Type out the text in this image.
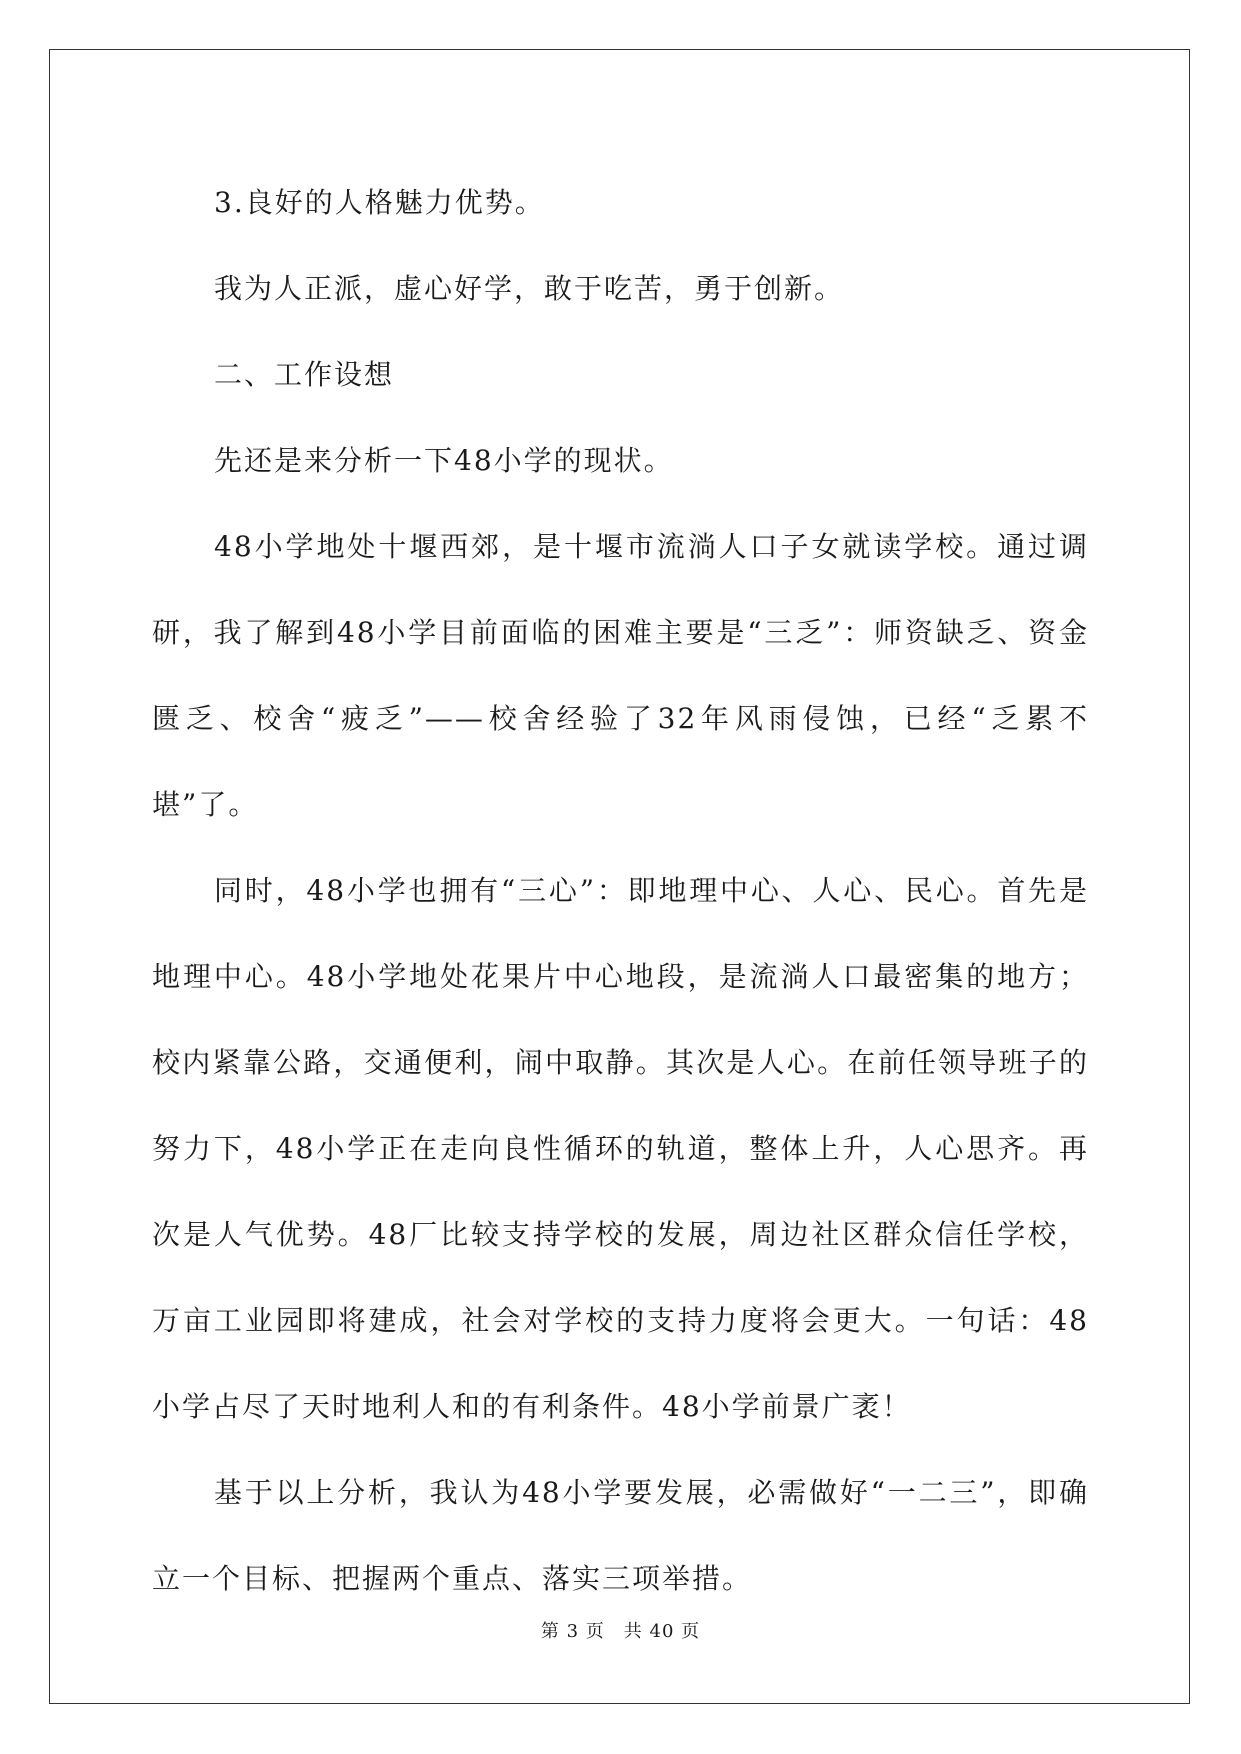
3.良好的人格魅力优势。

我为人正派，虚心好学，敢于吃苦，勇于创新。

二、工作设想

先还是来分析一下48小学的现状。

48小学地处十堰西郊，是十堰市流淌人口子女就读学校。通过调研，我了解到48小学目前面临的困难主要是“三乏”：师资缺乏、资金匮乏、校舍“疲乏”——校舍经验了32年风雨侵蚀，已经“乏累不堪”了。

同时，48小学也拥有“三心”：即地理中心、人心、民心。首先是地理中心。48小学地处花果片中心地段，是流淌人口最密集的地方；校内紧靠公路，交通便利，闹中取静。其次是人心。在前任领导班子的努力下，48小学正在走向良性循环的轨道，整体上升，人心思齐。再次是人气优势。48厂比较支持学校的发展，周边社区群众信任学校，万亩工业园即将建成，社会对学校的支持力度将会更大。一句话：48小学占尽了天时地利人和的有利条件。48小学前景广袤！

基于以上分析，我认为48小学要发展，必需做好“一二三”，即确立一个目标、把握两个重点、落实三项举措。

第 3 页　共 40 页
